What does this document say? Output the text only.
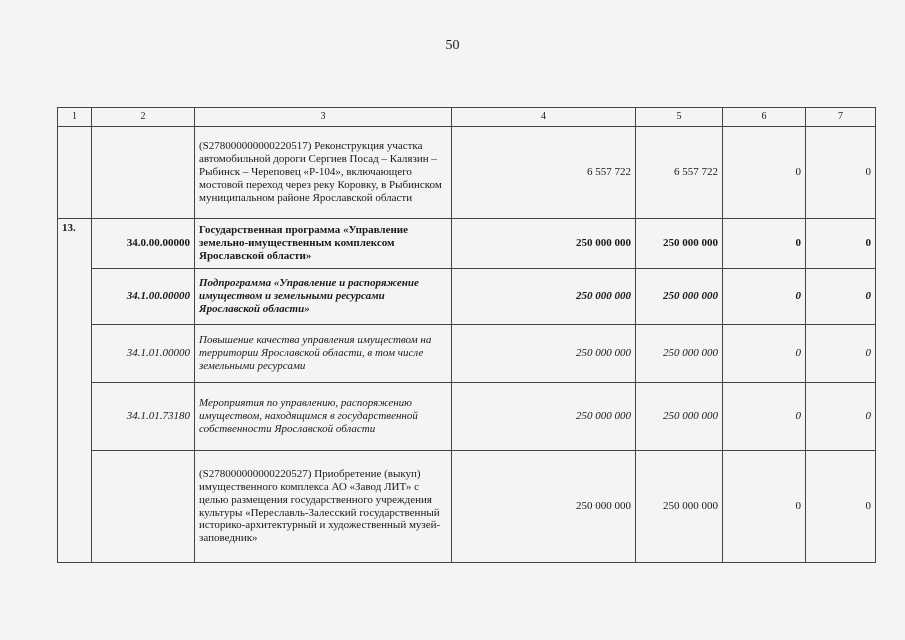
50
1	2	3	4	5	6	7
		(S278000000000220517) Реконструкция участка автомобильной дороги Сергиев Посад – Калязин – Рыбинск – Череповец «Р-104», включающего мостовой переход через реку Коровку, в Рыбинском муниципальном районе Ярославской области	6 557 722	6 557 722	0	0
13.	34.0.00.00000	Государственная программа «Управление земельно-имущественным комплексом Ярославской области»	250 000 000	250 000 000	0	0
	34.1.00.00000	Подпрограмма «Управление и распоряжение имуществом и земельными ресурсами Ярославской области»	250 000 000	250 000 000	0	0
	34.1.01.00000	Повышение качества управления имуществом на территории Ярославской области, в том числе земельными ресурсами	250 000 000	250 000 000	0	0
	34.1.01.73180	Мероприятия по управлению, распоряжению имуществом, находящимся в государственной собственности Ярославской области	250 000 000	250 000 000	0	0
		(S278000000000220527) Приобретение (выкуп) имущественного комплекса АО «Завод ЛИТ» с целью размещения государственного учреждения культуры «Переславль-Залесский государственный историко-архитектурный и художественный музей-заповедник»	250 000 000	250 000 000	0	0
